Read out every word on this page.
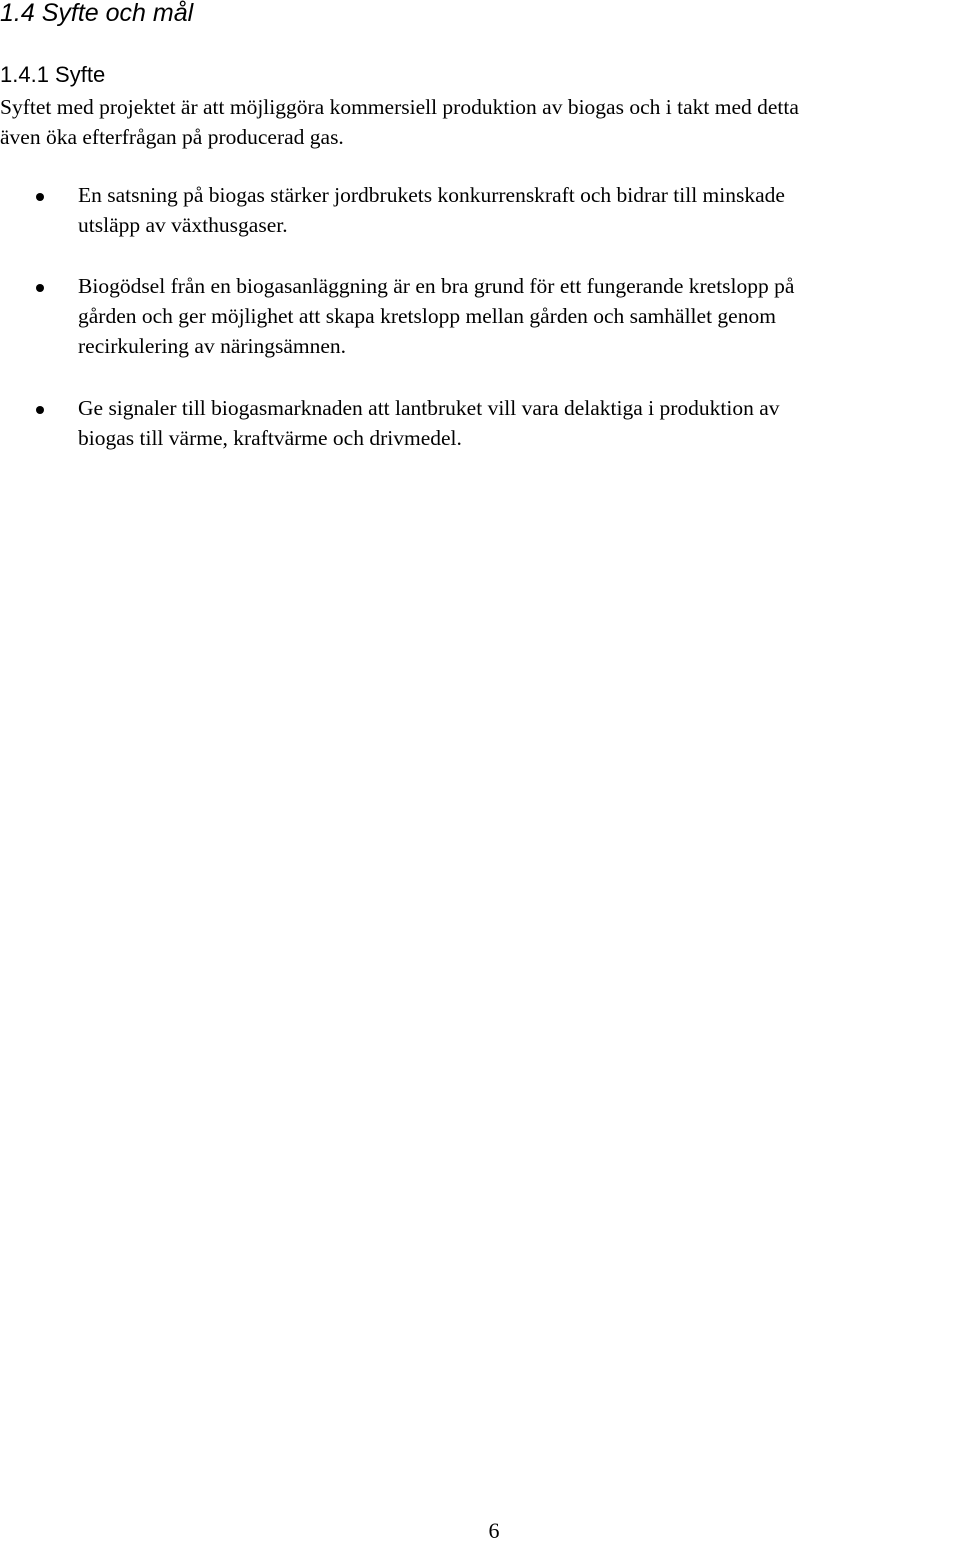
1.4 Syfte och mål
1.4.1 Syfte

Syftet med projektet är att möjliggöra kommersiell produktion av biogas och i takt med detta
även öka efterfrågan på producerad gas.

En satsning på biogas stärker jordbrukets konkurrenskraft och bidrar till minskade
utsläpp av växthusgaser.

Biogödsel från en biogasanläggning är en bra grund för ett fungerande kretslopp på
gården och ger möjlighet att skapa kretslopp mellan gården och samhället genom
recirkulering av näringsämnen.

Ge signaler till biogasmarknaden att lantbruket vill vara delaktiga i produktion av
biogas till värme, kraftvärme och drivmedel.

6
